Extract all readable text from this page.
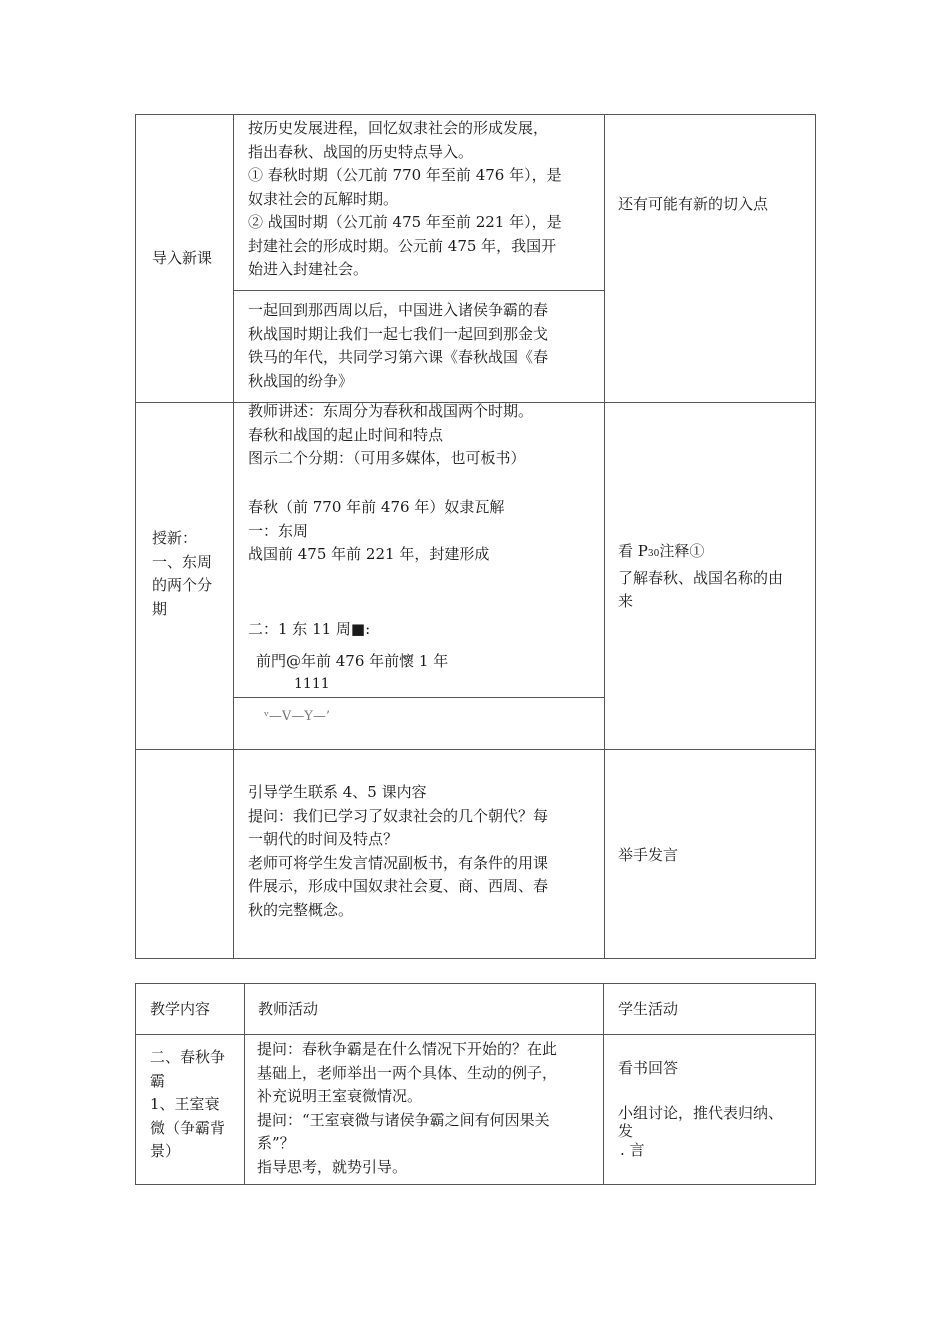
导入新课
按历史发展进程，回忆奴隶社会的形成发展，
指出春秋、战国的历史特点导入。
① 春秋时期（公兀前 770 年至前 476 年），是
奴隶社会的瓦解时期。
② 战国时期（公兀前 475 年至前 221 年），是
封建社会的形成时期。公元前 475 年，我国开
始进入封建社会。
一起回到那西周以后，中国进入诸侯争霸的春
秋战国时期让我们一起七我们一起回到那金戈
铁马的年代，共同学习第六课《春秋战国《春
秋战国的纷争》
还有可能有新的切入点
授新：
一、东周
的两个分
期
教师讲述：东周分为春秋和战国两个时期。
春秋和战国的起止时间和特点
图示二个分期：（可用多媒体，也可板书）
春秋（前 770 年前 476 年）奴隶瓦解
一：东周
战国前 475 年前 221 年，封建形成
二：1 东 11 周■:
前門@年前 476 年前懷 1 年
1111
ᵛ—V—Y—’
看 P30注释①
了解春秋、战国名称的由
来
引导学生联系 4、5 课内容
提问：我们已学习了奴隶社会的几个朝代？每
一朝代的时间及特点？
老师可将学生发言情况副板书，有条件的用课
件展示，形成中国奴隶社会夏、商、西周、春
秋的完整概念。
举手发言
教学内容	教师活动	学生活动
二、春秋争
霸
1、王室衰
微（争霸背
景）
提问：春秋争霸是在什么情况下开始的？在此
基础上，老师举出一两个具体、生动的例子，
补充说明王室衰微情况。
提问：“王室衰微与诸侯争霸之间有何因果关
系”？
指导思考，就势引导。
看书回答
小组讨论，推代表归纳、
发
. 言
